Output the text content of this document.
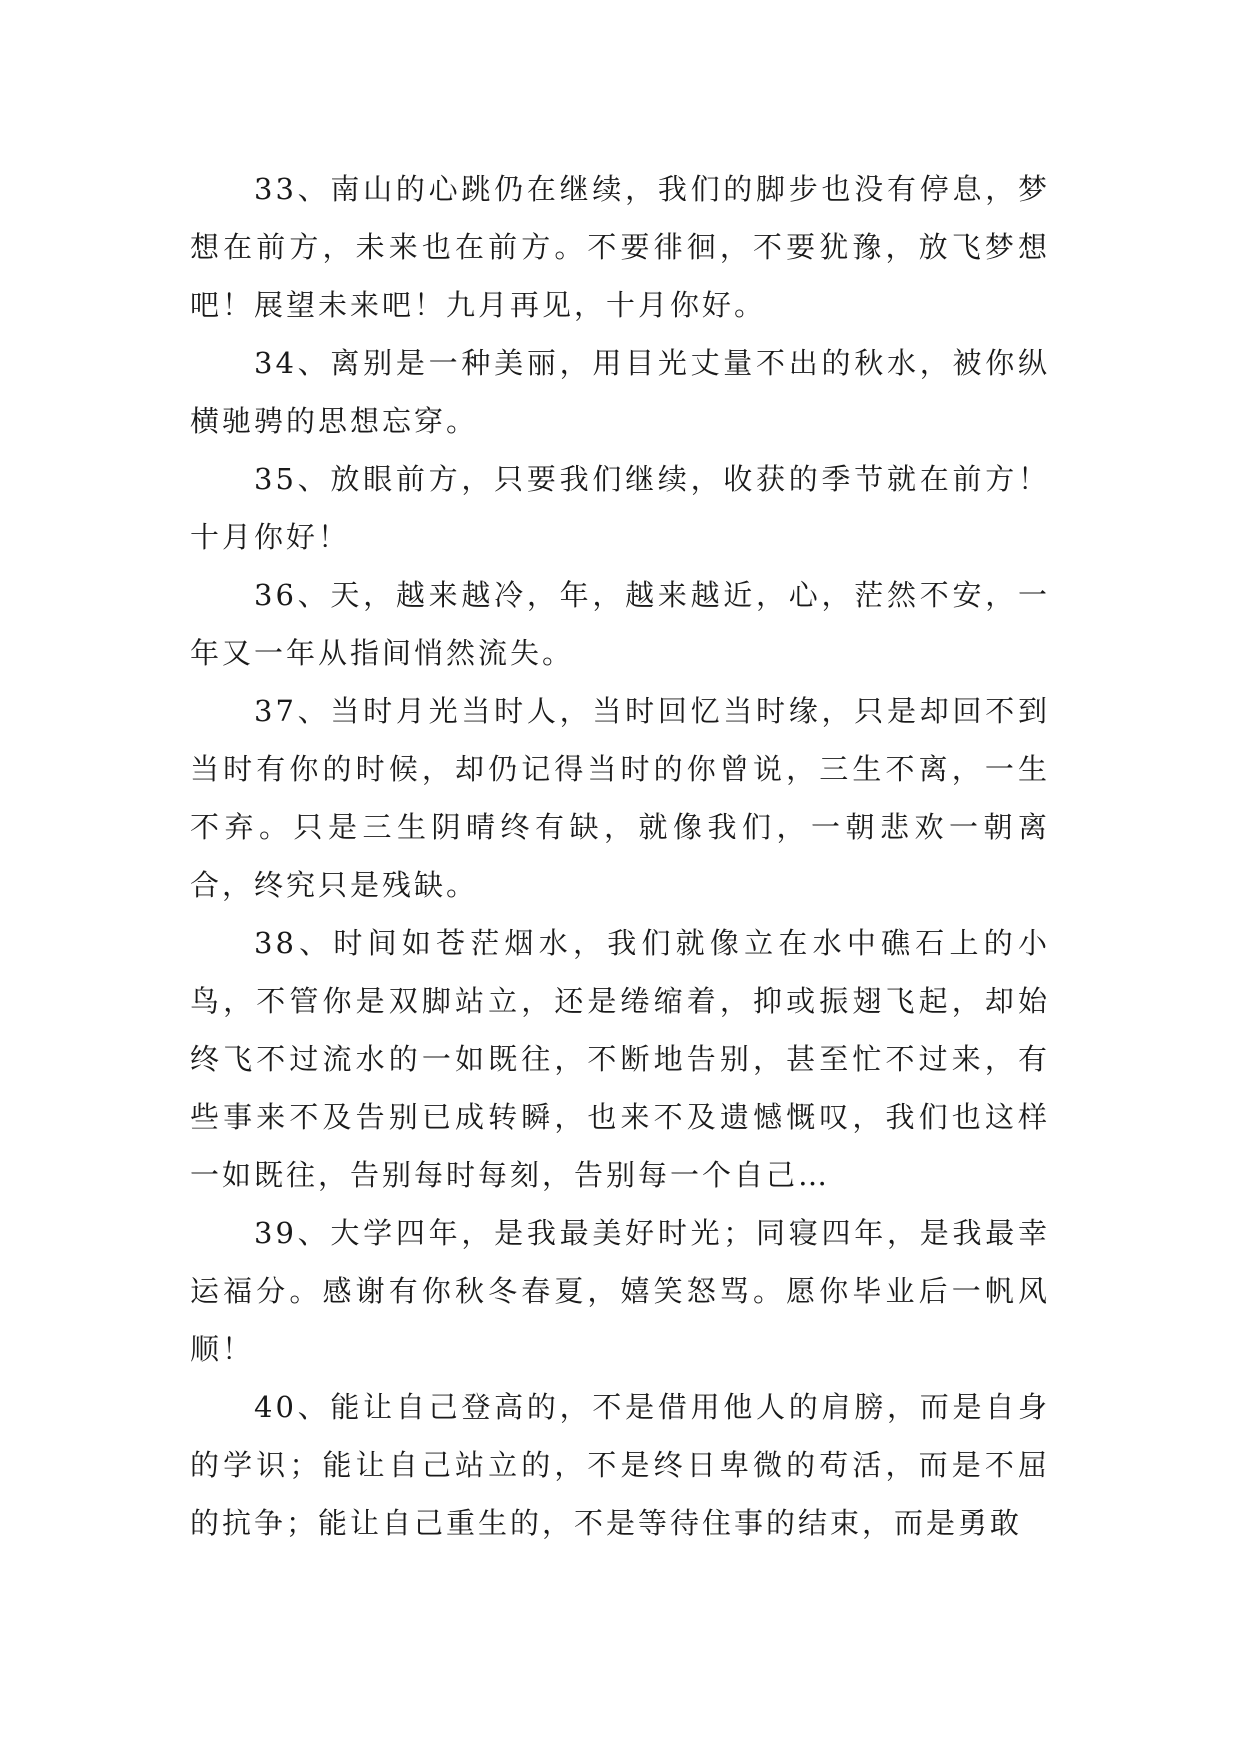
33、南山的心跳仍在继续，我们的脚步也没有停息，梦想在前方，未来也在前方。不要徘徊，不要犹豫，放飞梦想吧！展望未来吧！九月再见，十月你好。

34、离别是一种美丽，用目光丈量不出的秋水，被你纵横驰骋的思想忘穿。

35、放眼前方，只要我们继续，收获的季节就在前方！十月你好！

36、天，越来越冷，年，越来越近，心，茫然不安，一年又一年从指间悄然流失。

37、当时月光当时人，当时回忆当时缘，只是却回不到当时有你的时候，却仍记得当时的你曾说，三生不离，一生不弃。只是三生阴晴终有缺，就像我们，一朝悲欢一朝离合，终究只是残缺。

38、时间如苍茫烟水，我们就像立在水中礁石上的小鸟，不管你是双脚站立，还是绻缩着，抑或振翅飞起，却始终飞不过流水的一如既往，不断地告别，甚至忙不过来，有些事来不及告别已成转瞬，也来不及遗憾慨叹，我们也这样一如既往，告别每时每刻，告别每一个自己…

39、大学四年，是我最美好时光；同寝四年，是我最幸运福分。感谢有你秋冬春夏，嬉笑怒骂。愿你毕业后一帆风顺！

40、能让自己登高的，不是借用他人的肩膀，而是自身的学识；能让自己站立的，不是终日卑微的苟活，而是不屈的抗争；能让自己重生的，不是等待住事的结束，而是勇敢
